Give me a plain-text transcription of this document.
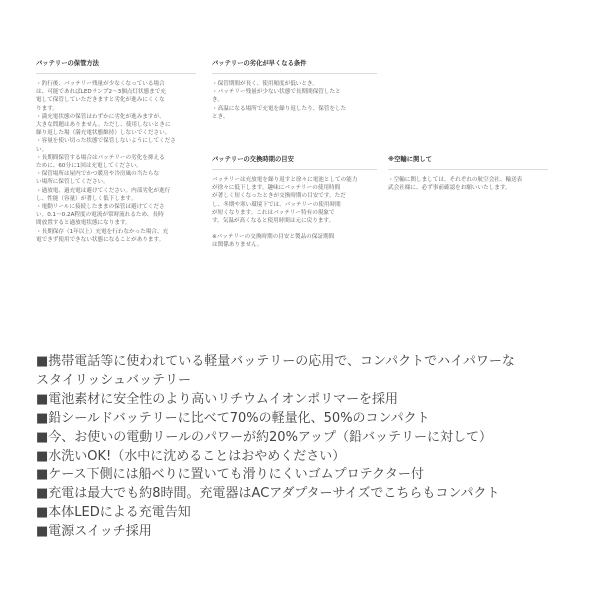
バッテリーの保管方法

・釣行後、バッテリー残量が少なくなっている場合
は、可能であればLEDランプ2～3個点灯状態まで充
電して保管していただきますと劣化が進みにくくな
ります。
・満充電状態の保管はわずかに劣化が進みますが、
大きな問題はありません。ただし、使用しないときに
繰り返した場（満充電状態維持）しないでください。
・容量を使い切った状態で保管しないようにしてくださ
い。
・長期間保管する場合はバッテリーの劣化を抑える
ために、60分に1回は充電してください。
・保管場所は屋内でかつ暖房や冷房風の当たらな
い場所に保管してください。
・過放電、過充電は避けてください。内部劣化が進行
し、性能（容量）が著しく低下します。
・電動リールに接続したままの保管は避けてくださ
い。0.1～0.2A程度の電流が常時流れるため、長時
間放置すると過放電状態になります。
・長期保存（1年以上）充電を行わなかった場合、充
電できず使用できない状態になることがあります。

バッテリーの劣化が早くなる条件

・保管期間が長く、使用頻度が低いとき。
・バッテリー残量が少ない状態で長期間保管したと
き。
・高温になる場所で充電を繰り返したり、保管をした
とき。

バッテリーの交換時期の目安

バッテリーは充放電を繰り返すと徐々に電池としての能力
が徐々に低下します。趣味にバッテリーの使用時間
が著しく短くなったときが交換時期の目安です。ただ
し、冬期や寒い環境下では、バッテリーの使用時間
が短くなります。これはバッテリー特有の現象で
す。気温が高くなると使用時間は元に戻ります。

※バッテリーの交換時期の目安と製品の保証期間
は関係ありません。

※空輸に関して

・空輸に関しましては、それぞれの航空会社、輸送表
武会社様に、必ず事前確認をお願いいたします。

■携帯電話等に使われている軽量バッテリーの応用で、コンパクトでハイパワーな
スタイリッシュバッテリー

■電池素材に安全性のより高いリチウムイオンポリマーを採用

■鉛シールドバッテリーに比べて70%の軽量化、50%のコンパクト

■今、お使いの電動リールのパワーが約20%アップ（鉛バッテリーに対して）

■水洗いOK!（水中に沈めることはおやめください）

■ケース下側には船べりに置いても滑りにくいゴムプロテクター付

■充電は最大でも約8時間。充電器はACアダプターサイズでこちらもコンパクト

■本体LEDによる充電告知

■電源スイッチ採用
